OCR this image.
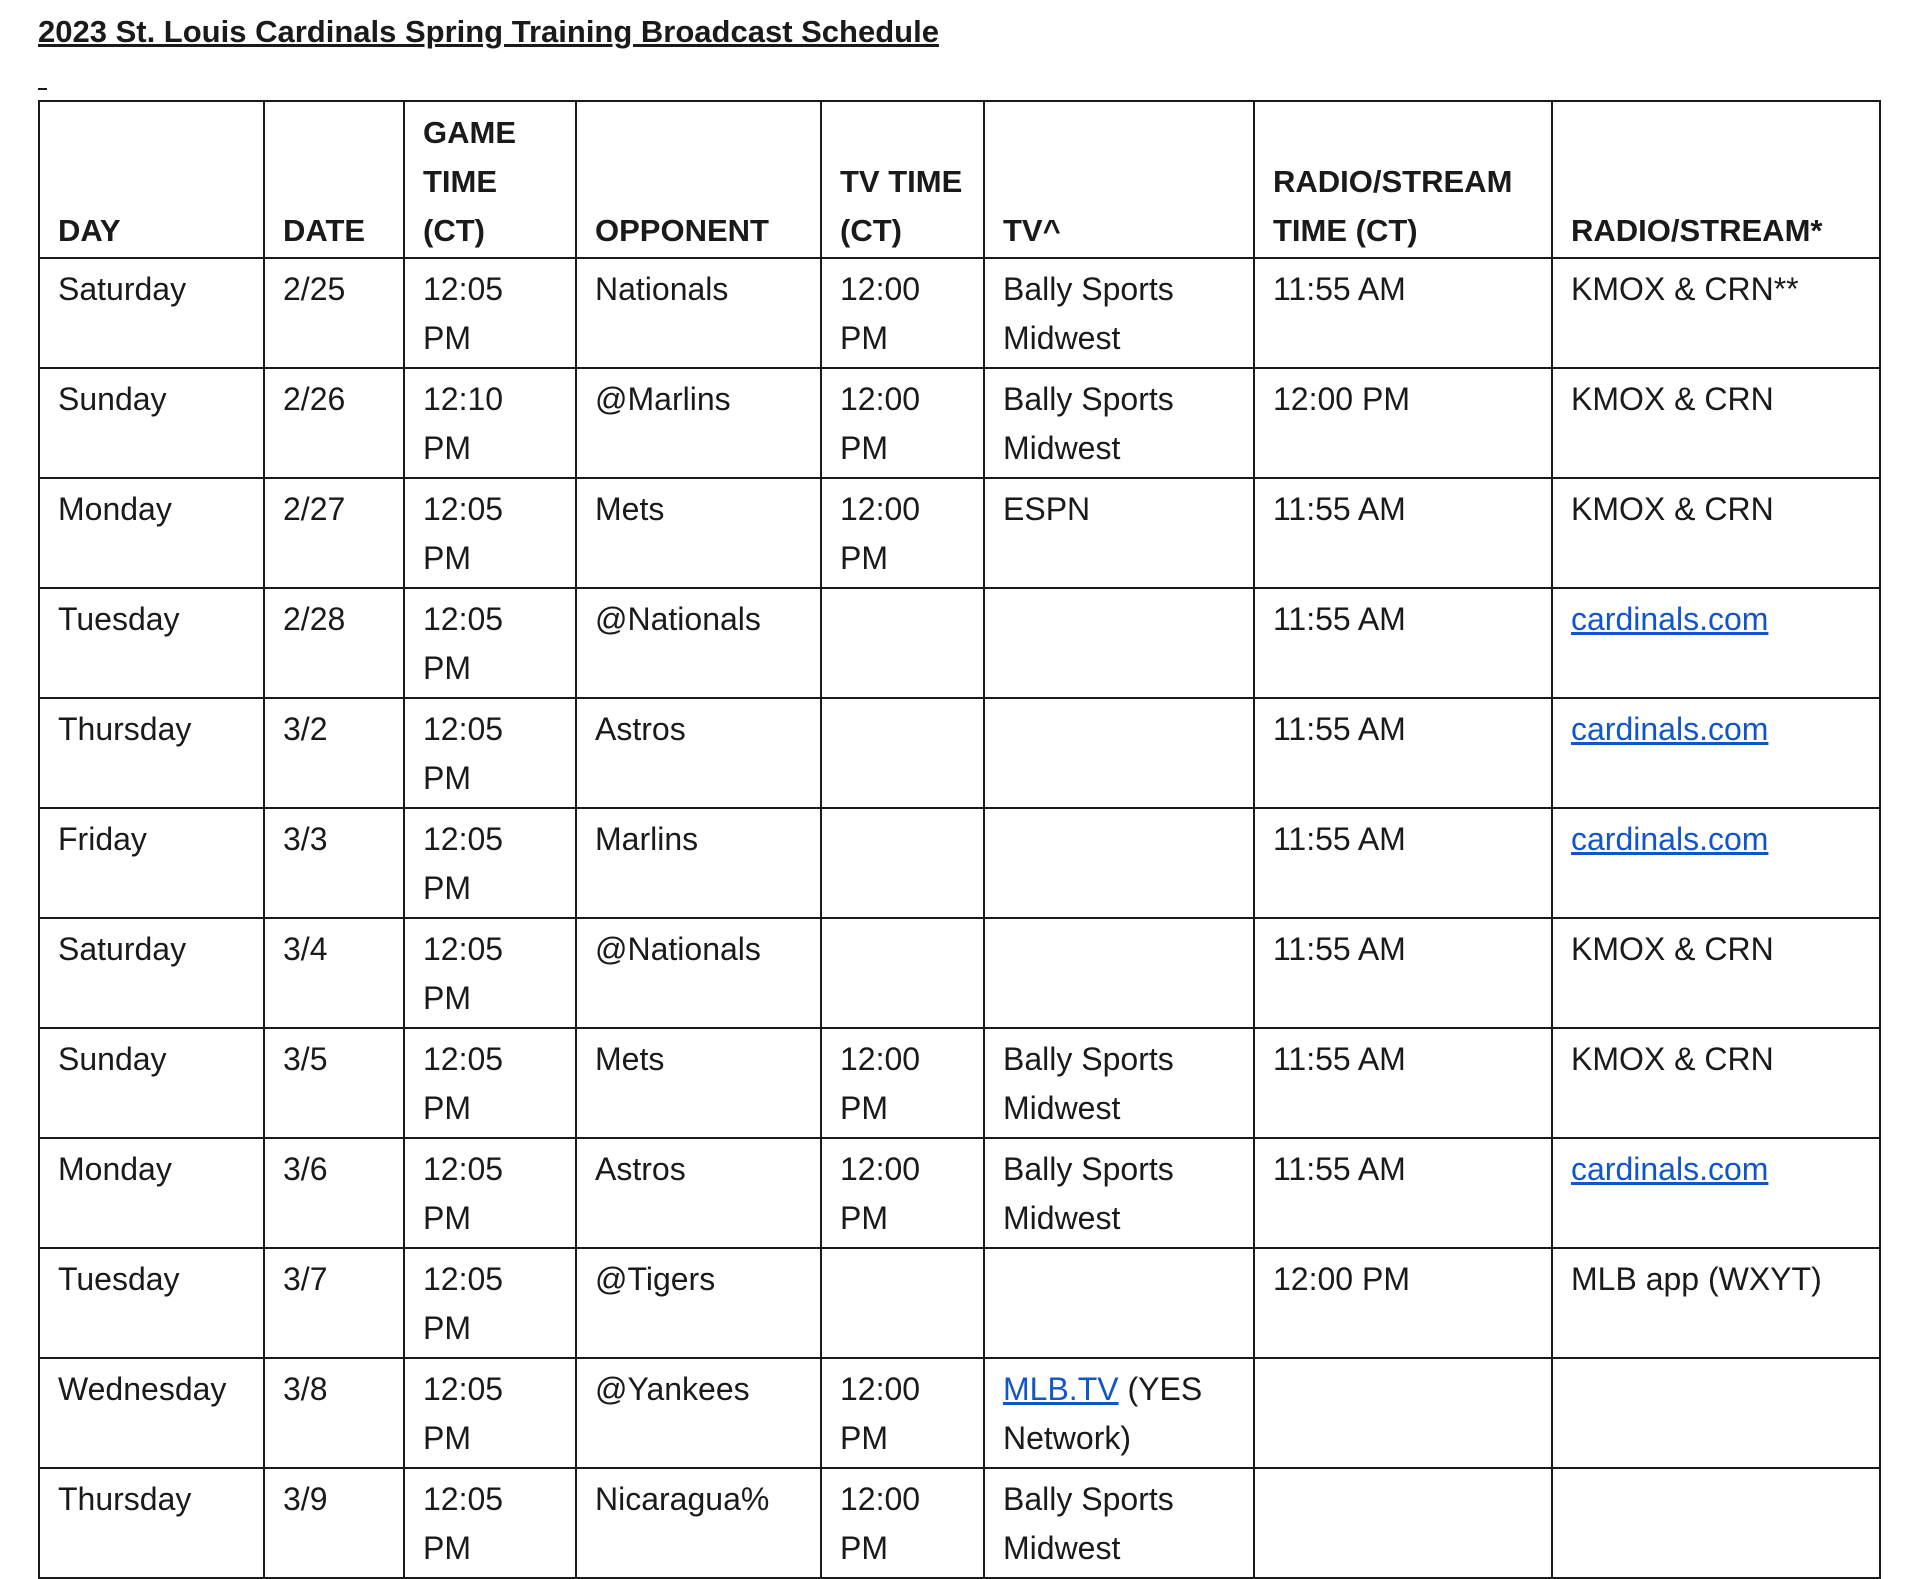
2023 St. Louis Cardinals Spring Training Broadcast Schedule
DAY	DATE	GAME TIME (CT)	OPPONENT	TV TIME (CT)	TV^	RADIO/STREAM TIME (CT)	RADIO/STREAM*
Saturday	2/25	12:05 PM	Nationals	12:00 PM	Bally Sports Midwest	11:55 AM	KMOX & CRN**
Sunday	2/26	12:10 PM	@Marlins	12:00 PM	Bally Sports Midwest	12:00 PM	KMOX & CRN
Monday	2/27	12:05 PM	Mets	12:00 PM	ESPN	11:55 AM	KMOX & CRN
Tuesday	2/28	12:05 PM	@Nationals			11:55 AM	cardinals.com
Thursday	3/2	12:05 PM	Astros			11:55 AM	cardinals.com
Friday	3/3	12:05 PM	Marlins			11:55 AM	cardinals.com
Saturday	3/4	12:05 PM	@Nationals			11:55 AM	KMOX & CRN
Sunday	3/5	12:05 PM	Mets	12:00 PM	Bally Sports Midwest	11:55 AM	KMOX & CRN
Monday	3/6	12:05 PM	Astros	12:00 PM	Bally Sports Midwest	11:55 AM	cardinals.com
Tuesday	3/7	12:05 PM	@Tigers			12:00 PM	MLB app (WXYT)
Wednesday	3/8	12:05 PM	@Yankees	12:00 PM	MLB.TV (YES Network)		
Thursday	3/9	12:05 PM	Nicaragua%	12:00 PM	Bally Sports Midwest		
